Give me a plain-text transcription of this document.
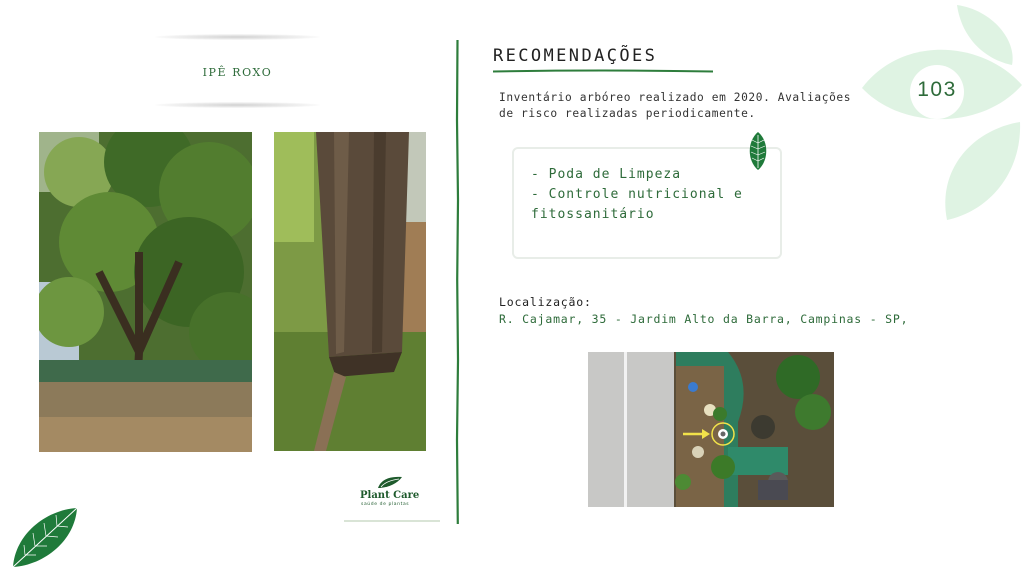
IPÊ ROXO
RECOMENDAÇÕES
Inventário arbóreo realizado em 2020. Avaliações de risco realizadas periodicamente.
- Poda de Limpeza
- Controle nutricional e fitossanitário
Localização:
R. Cajamar, 35 - Jardim Alto da Barra, Campinas - SP,
103
Plant Care
saúde de plantas
